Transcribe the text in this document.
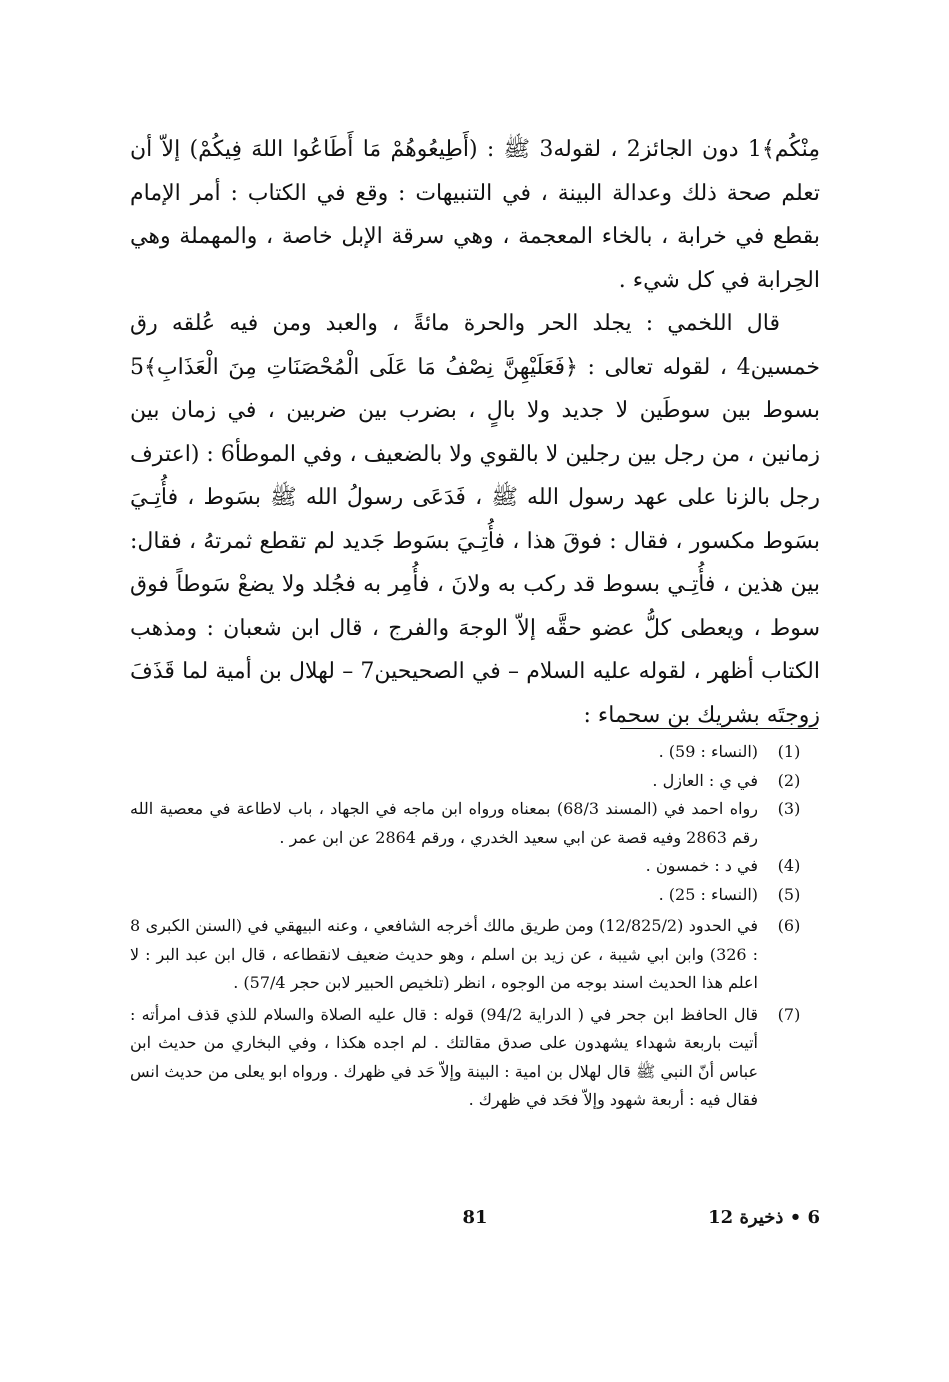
مِنْكُم﴾1 دون الجائز2 ، لقوله3 ﷺ : (أَطِيعُوهُمْ مَا أَطَاعُوا اللهَ فِيكُمْ) إلاّ أن تعلم صحة ذلك وعدالة البينة ، في التنبيهات : وقع في الكتاب : أمر الإمام بقطع في خرابة ، بالخاء المعجمة ، وهي سرقة الإبل خاصة ، والمهملة وهي الحِرابة في كل شيء .

قال اللخمي : يجلد الحر والحرة مائةً ، والعبد ومن فيه عُلقه رق خمسين4 ، لقوله تعالى : ﴿فَعَلَيْهِنَّ نِصْفُ مَا عَلَى الْمُحْصَنَاتِ مِنَ الْعَذَابِ﴾5 بسوط بين سوطَين لا جديد ولا بالٍ ، بضرب بين ضربين ، في زمان بين زمانين ، من رجل بين رجلين لا بالقوي ولا بالضعيف ، وفي الموطأ6 : (اعترف رجل بالزنا على عهد رسول الله ﷺ ، فَدَعَى رسولُ الله ﷺ بسَوط ، فأُتِـيَ بسَوط مكسور ، فقال : فوقَ هذا ، فأُتِـيَ بسَوط جَديد لم تقطع ثمرتهُ ، فقال: بين هذين ، فأُتِـي بسوط قد ركب به ولانَ ، فأُمِر به فجُلد ولا يضعْ سَوطاً فوق سوط ، ويعطى كلُّ عضو حقَّه إلاّ الوجهَ والفرج ، قال ابن شعبان : ومذهب الكتاب أظهر ، لقوله عليه السلام – في الصحيحين7 – لهلال بن أمية لما قَذَفَ زوجتَه بشريك بن سحماء :

(1)
(النساء : 59) .
(2)
في ي : العازل .
(3)
رواه احمد في (المسند 68/3) بمعناه ورواه ابن ماجه في الجهاد ، باب لاطاعة في معصية الله رقم 2863 وفيه قصة عن ابي سعيد الخدري ، ورقم 2864 عن ابن عمر .
(4)
في د : خمسون .
(5)
(النساء : 25) .
(6)
في الحدود (12/825/2) ومن طريق مالك أخرجه الشافعي ، وعنه البيهقي في (السنن الكبرى 8 : 326) وابن ابي شيبة ، عن زيد بن اسلم ، وهو حديث ضعيف لانقطاعه ، قال ابن عبد البر : لا اعلم هذا الحديث اسند بوجه من الوجوه ، انظر (تلخيص الحبير لابن حجر 57/4) .
(7)
قال الحافظ ابن جحر في ( الدراية 94/2) قوله : قال عليه الصلاة والسلام للذي قذف امرأته : أتيت باربعة شهداء يشهدون على صدق مقالتك . لم اجده هكذا ، وفي البخاري من حديث ابن عباس أنّ النبي ﷺ قال لهلال بن امية : البينة وإلاّ حَد في ظهرك . ورواه ابو يعلى من حديث انس فقال فيه : أربعة شهود وإلاّ فحَد في ظهرك .
6 • ذخيرة 12
81
